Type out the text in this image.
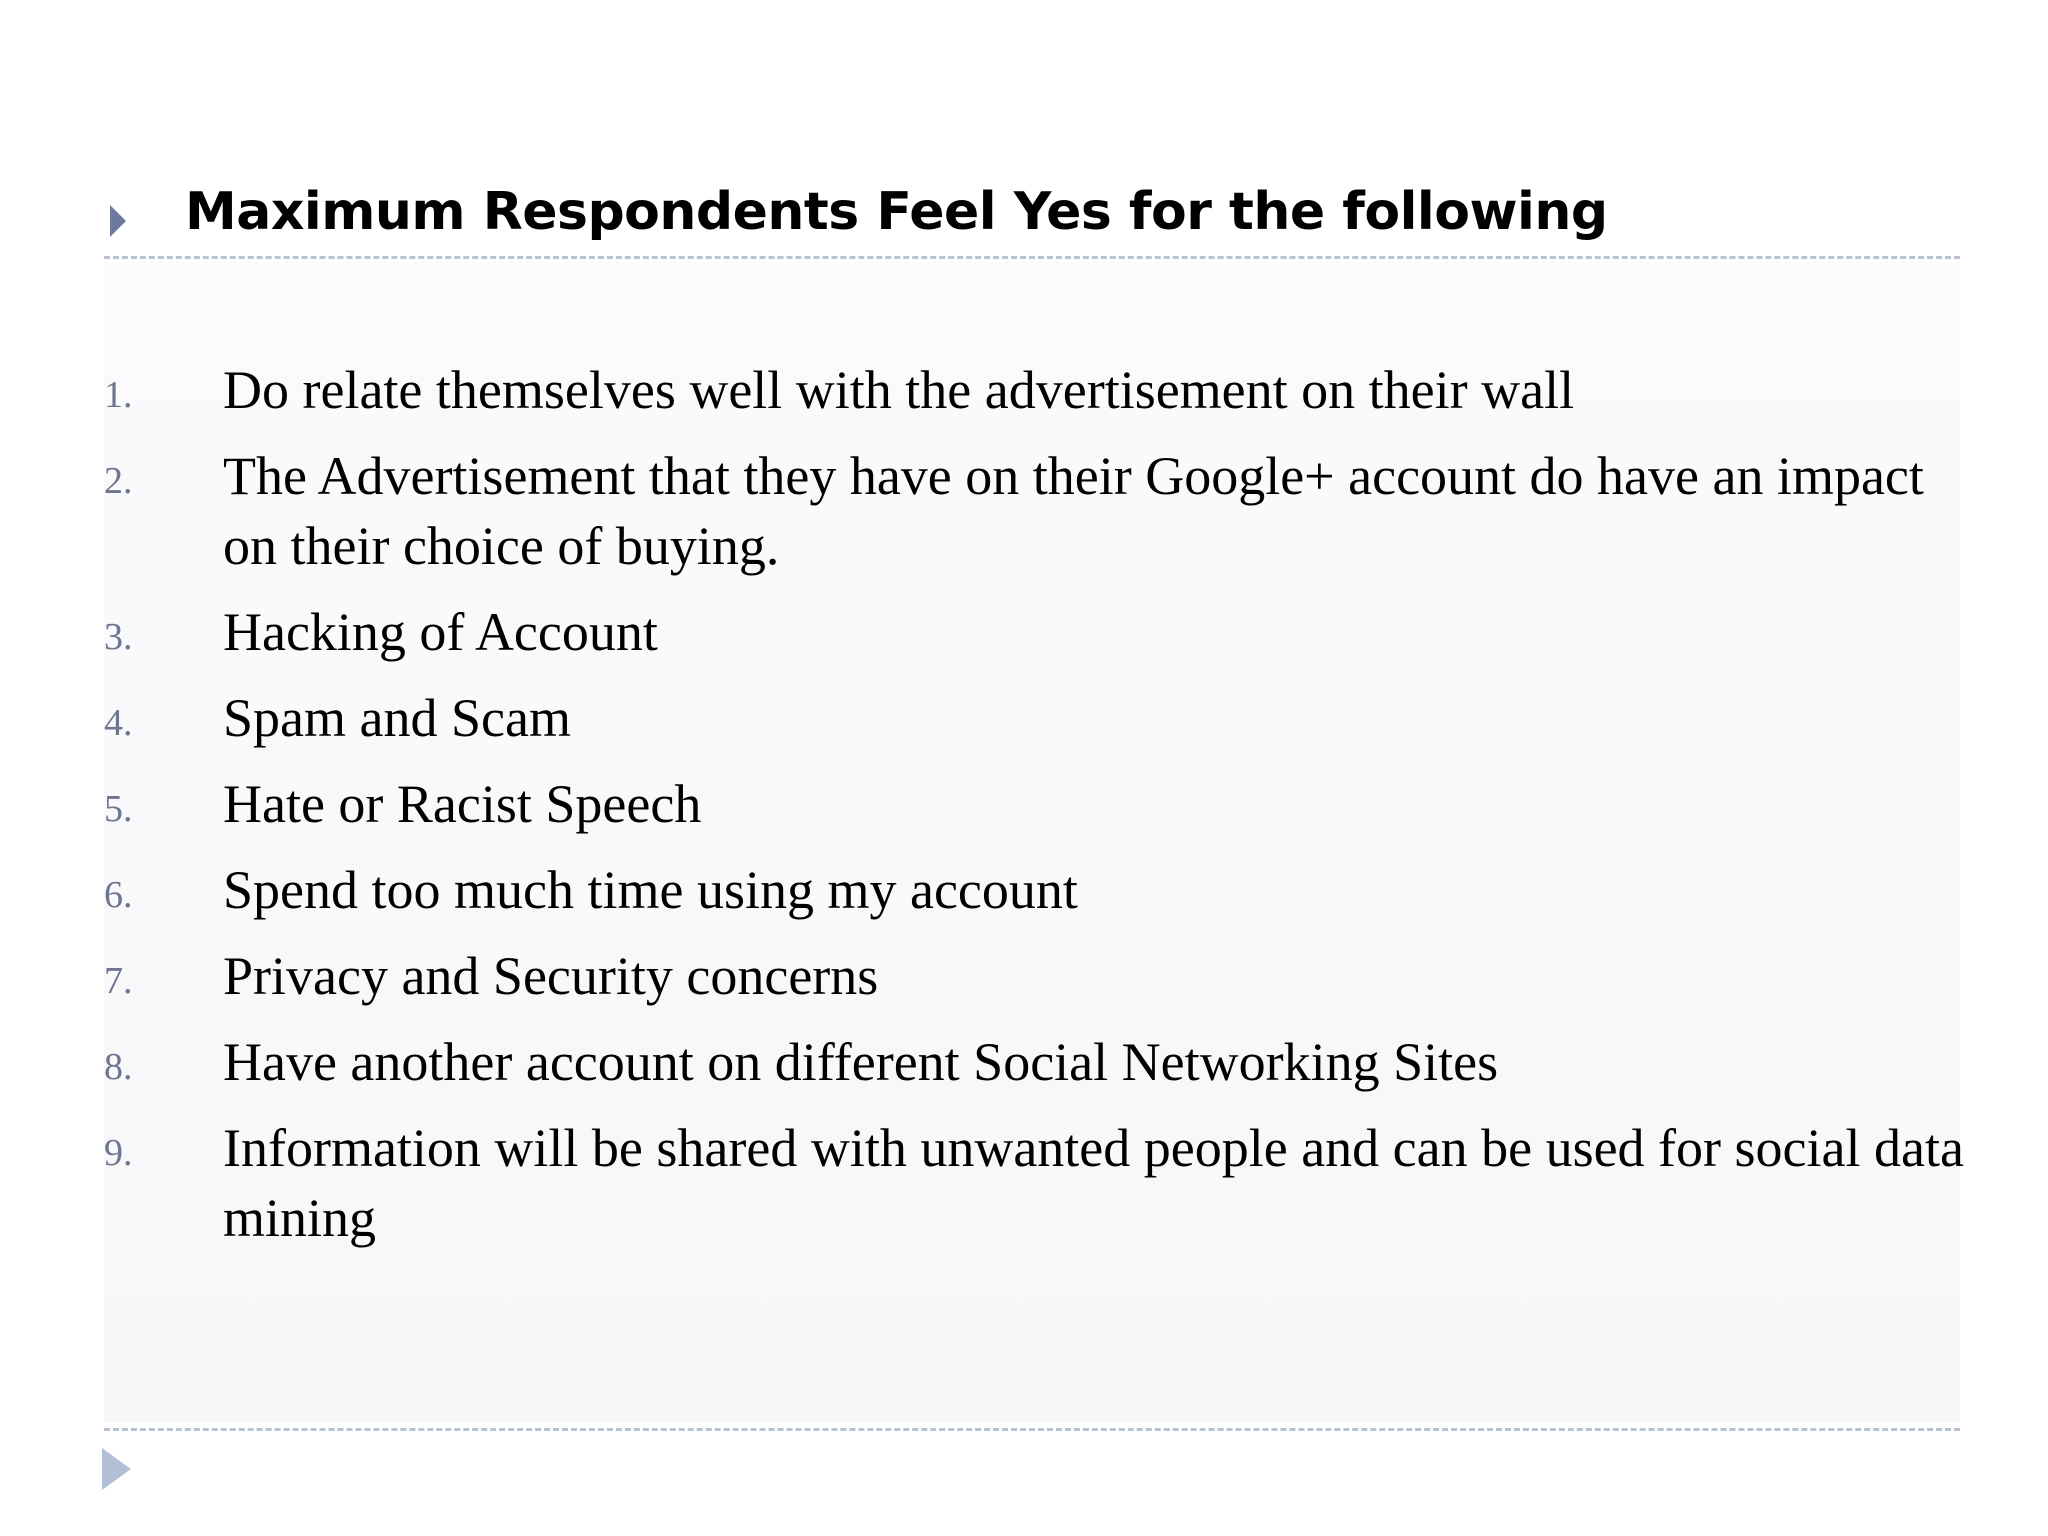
Maximum Respondents Feel Yes for the following
1. Do relate themselves well with the advertisement on their wall
2. The Advertisement that they have on their Google+ account do have an impact on their choice of buying.
3. Hacking of Account
4. Spam and Scam
5. Hate or Racist Speech
6. Spend too much time using my account
7. Privacy and Security concerns
8. Have another account on different Social Networking Sites
9. Information will be shared with unwanted people and can be used for social data mining
